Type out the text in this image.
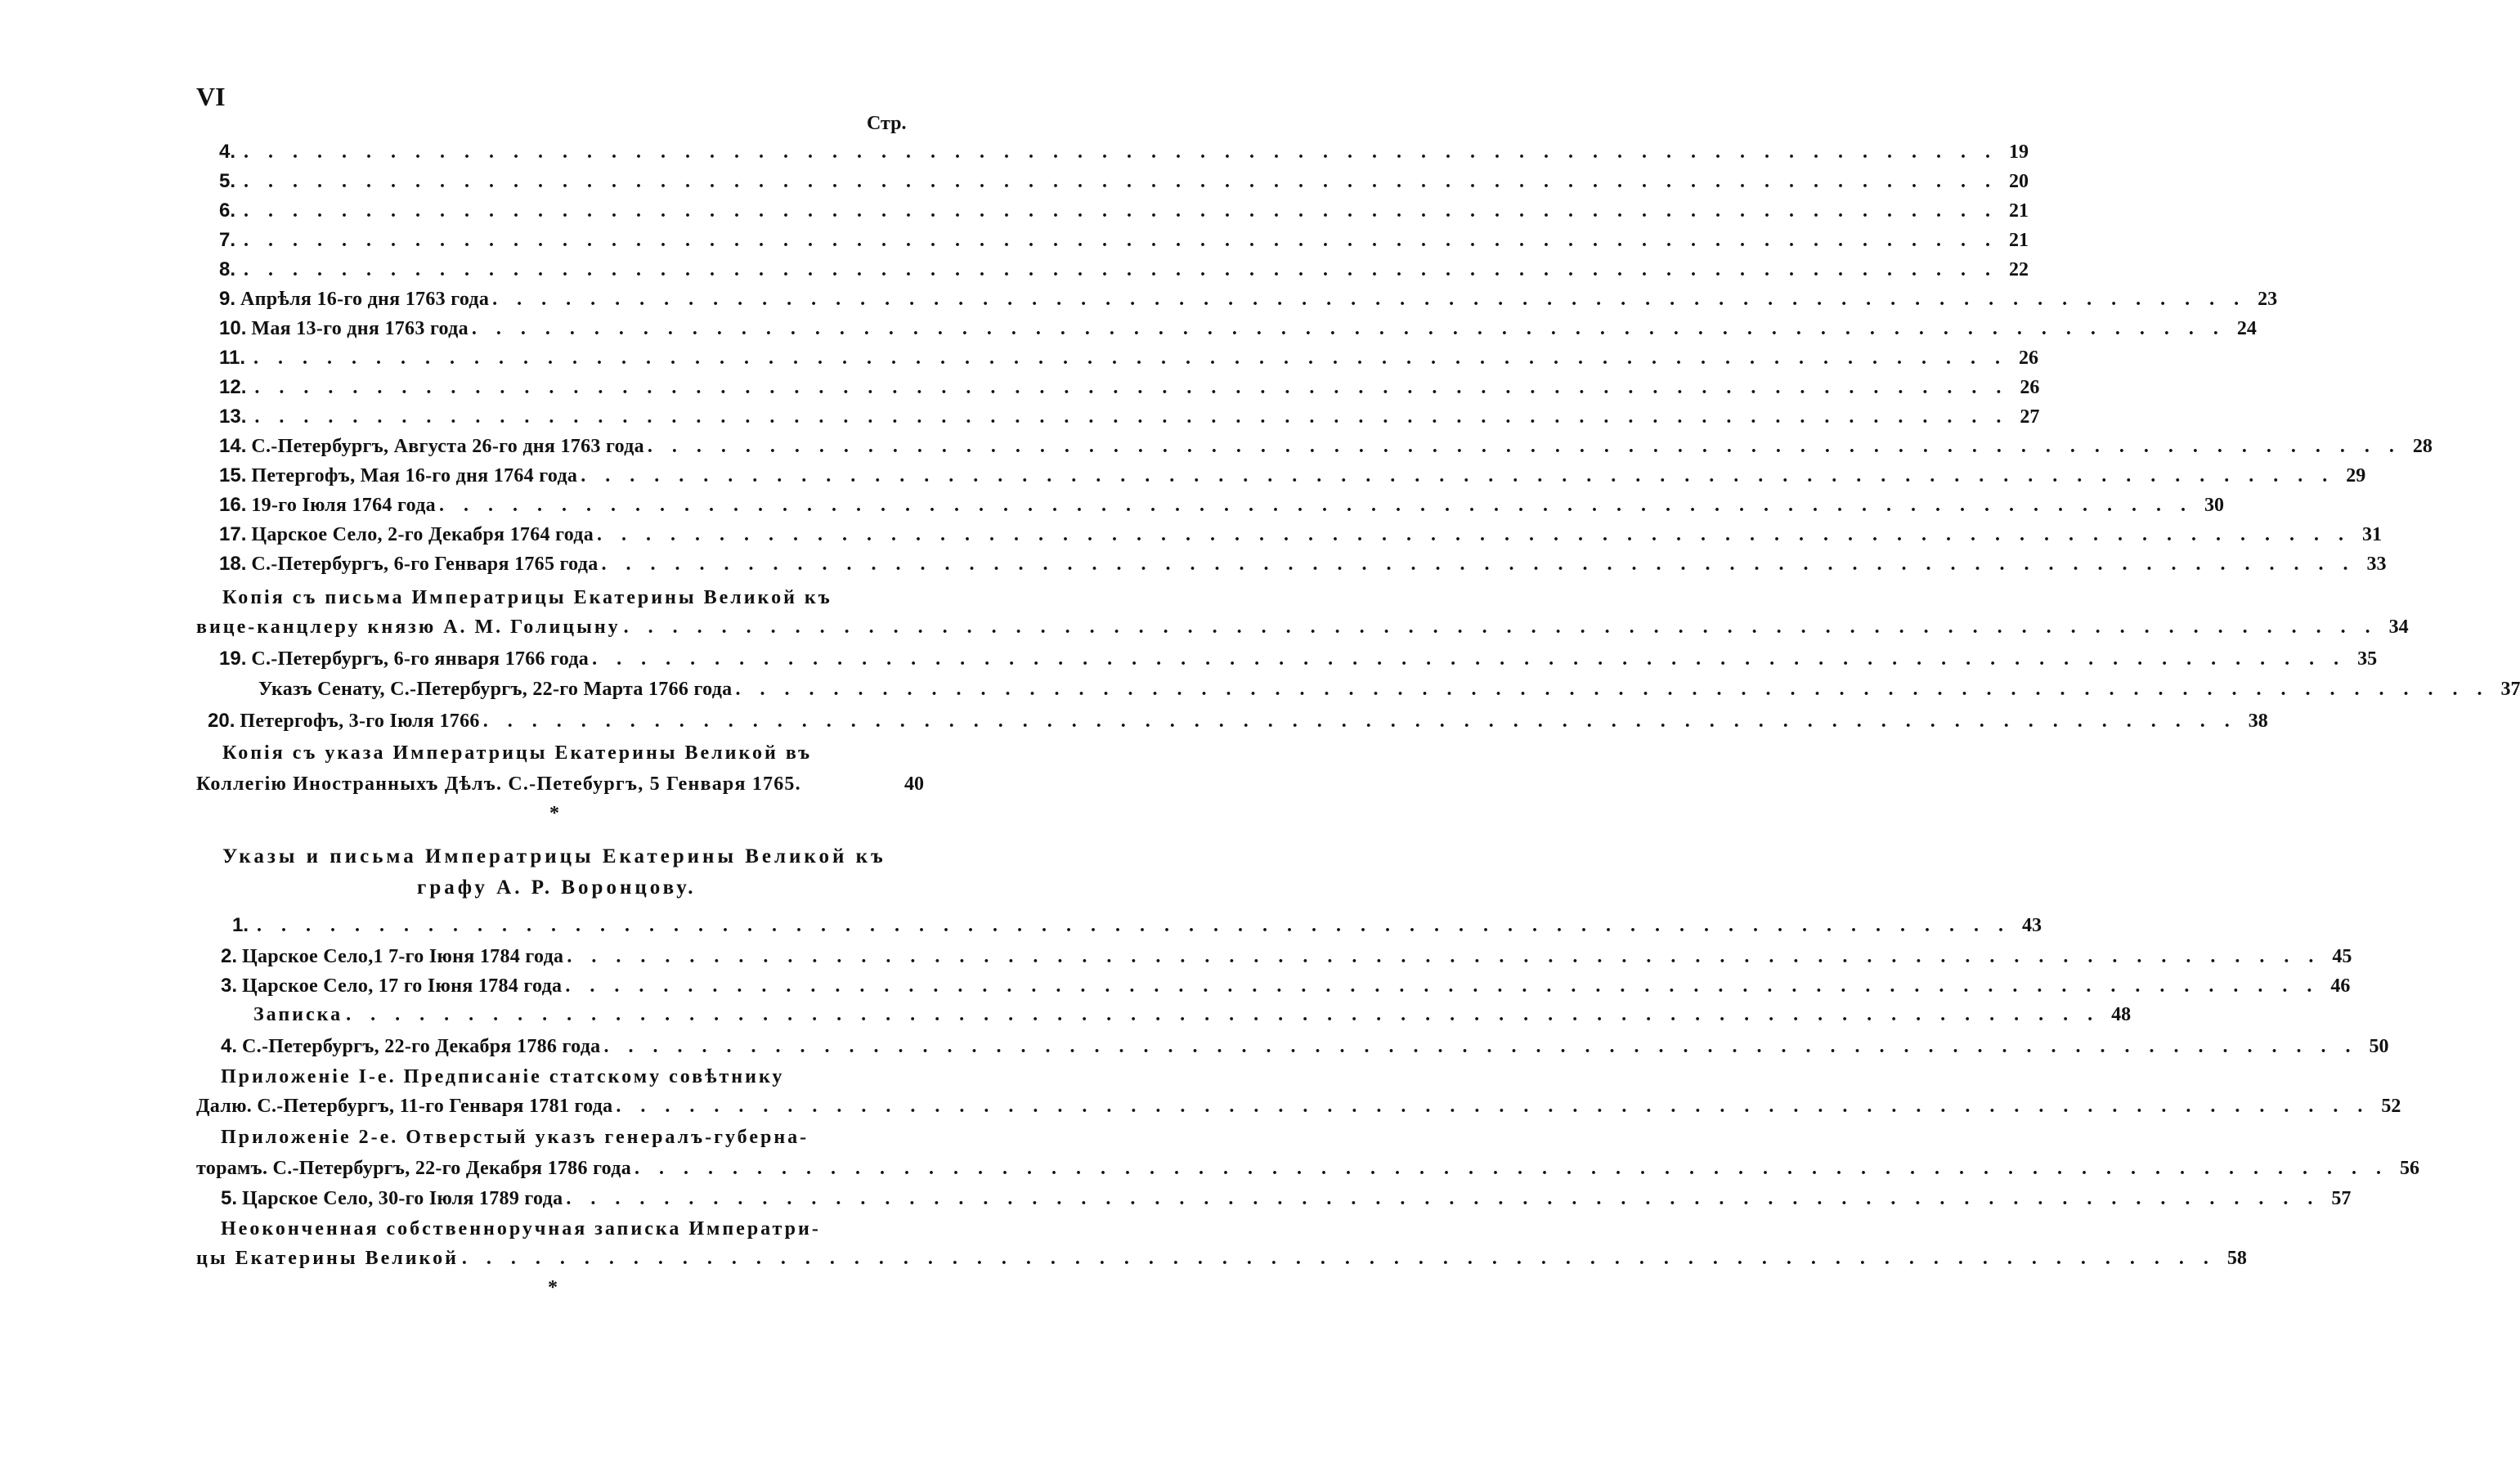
VI
Стр.
4. . . .	19
5. . . .	20
6. . . .	21
7. . . .	21
8. . . .	22
9. Апрѣля 16-го дня 1763 года . . .	23
10. Мая 13-го дня 1763 года . . .	24
11. . . .	26
12. . . .	26
13. . . .	27
14. С.-Петербургъ, Августа 26-го дня 1763 года . . .	28
15. Петергофъ, Мая 16-го дня 1764 года . . .	29
16. 19-го Іюля 1764 года . . .	30
17. Царское Село, 2-го Декабря 1764 года . . .	31
18. С.-Петербургъ, 6-го Генваря 1765 года . . .	33
Копія съ письма Императрицы Екатерины Великой къ
вице-канцлеру князю А. М. Голицыну . . .	34
19. С.-Петербургъ, 6-го января 1766 года . . .	35
Указъ Сенату, С.-Петербургъ, 22-го Марта 1766 года . . .	37
20. Петергофъ, 3-го Іюля 1766 . . .	38
Копія съ указа Императрицы Екатерины Великой въ
Коллегію Иностранныхъ Дѣлъ. С.-Петебургъ, 5 Генваря 1765.	40
*
Указы и письма Императрицы Екатерины Великой къ
графу А. Р. Воронцову.
1. . . .	43
2. Царское Село,1 7-го Іюня 1784 года . . .	45
3. Царское Село, 17 го Іюня 1784 года . . .	46
Записка . . .	48
4. С.-Петербургъ, 22-го Декабря 1786 года . . .	50
Приложеніе I-е. Предписаніе статскому совѣтнику
Далю. С.-Петербургъ, 11-го Генваря 1781 года . . .	52
Приложеніе 2-е. Отверстый указъ генералъ-губерна-
торамъ. С.-Петербургъ, 22-го Декабря 1786 года . . .	56
5. Царское Село, 30-го Іюля 1789 года . . .	57
Неоконченная собственноручная записка Императри-
цы Екатерины Великой . . .	58
*
